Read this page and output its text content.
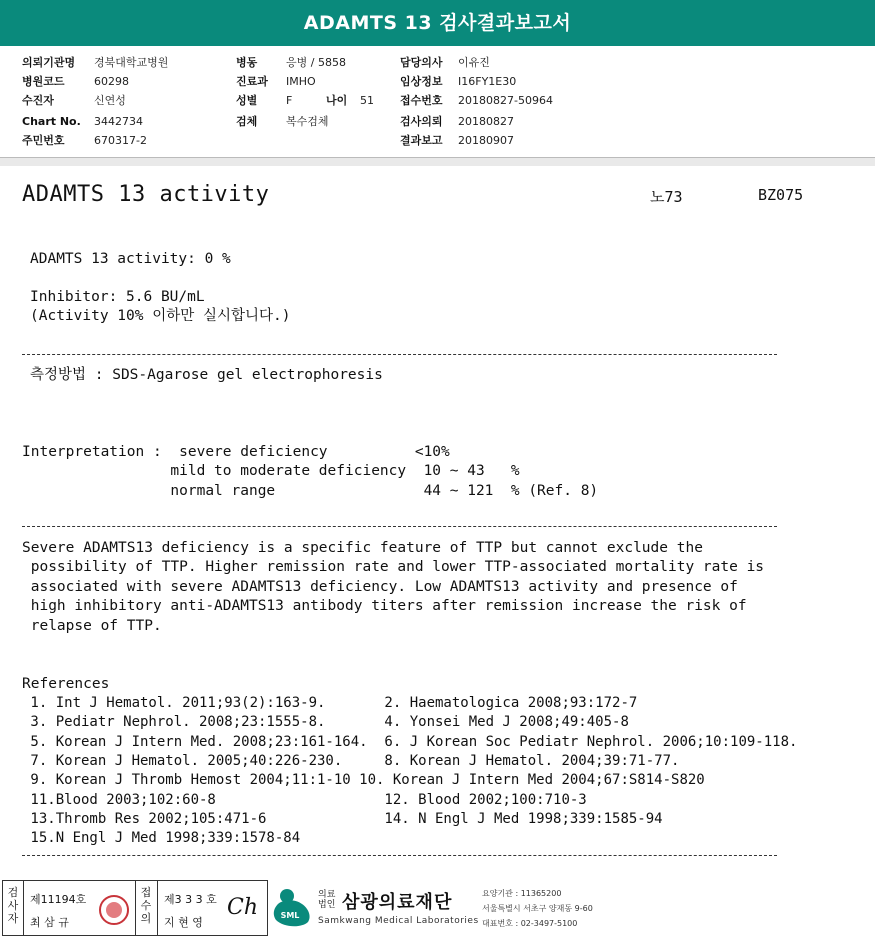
ADAMTS 13 검사결과보고서
의뢰기관명 경북대학교병원
병원코드	60298
수진자	신연성
Chart No. 3442734
주민번호	670317-2
병동	응병 / 5858
진료과 IMHO
성별	F	나이 51
검체	복수검체
담당의사 이유진
임상정보 I16FY1E30
접수번호 20180827-50964
검사의뢰 20180827
결과보고 20180907
ADAMTS 13 activity	노73	BZ075
ADAMTS 13 activity: 0 %
Inhibitor: 5.6 BU/mL
(Activity 10% 이하만 실시합니다.)
측정방법 : SDS-Agarose gel electrophoresis
Interpretation :  severe deficiency          <10%
mild to moderate deficiency  10 ~ 43   %
normal range                 44 ~ 121  % (Ref. 8)
Severe ADAMTS13 deficiency is a specific feature of TTP but cannot exclude the
possibility of TTP. Higher remission rate and lower TTP-associated mortality rate is
associated with severe ADAMTS13 deficiency. Low ADAMTS13 activity and presence of
high inhibitory anti-ADAMTS13 antibody titers after remission increase the risk of
relapse of TTP.
References
1. Int J Hematol. 2011;93(2):163-9.       2. Haematologica 2008;93:172-7
3. Pediatr Nephrol. 2008;23:1555-8.       4. Yonsei Med J 2008;49:405-8
5. Korean J Intern Med. 2008;23:161-164.  6. J Korean Soc Pediatr Nephrol. 2006;10:109-118.
7. Korean J Hematol. 2005;40:226-230.     8. Korean J Hematol. 2004;39:71-77.
9. Korean J Thromb Hemost 2004;11:1-10 10. Korean J Intern Med 2004;67:S814-S820
11.Blood 2003;102:60-8                    12. Blood 2002;100:710-3
13.Thromb Res 2002;105:471-6              14. N Engl J Med 1998;339:1585-94
15.N Engl J Med 1998;339:1578-84
검
사
자
제11194호
최 삼 규
접
수
의
제3 3 3 호
지 현 영
Ch	SML
의료법인 삼광의료재단
Samkwang Medical Laboratories
요양기관 : 11365200
서울특별시 서초구 양재동 9-60
대표번호 : 02-3497-5100
